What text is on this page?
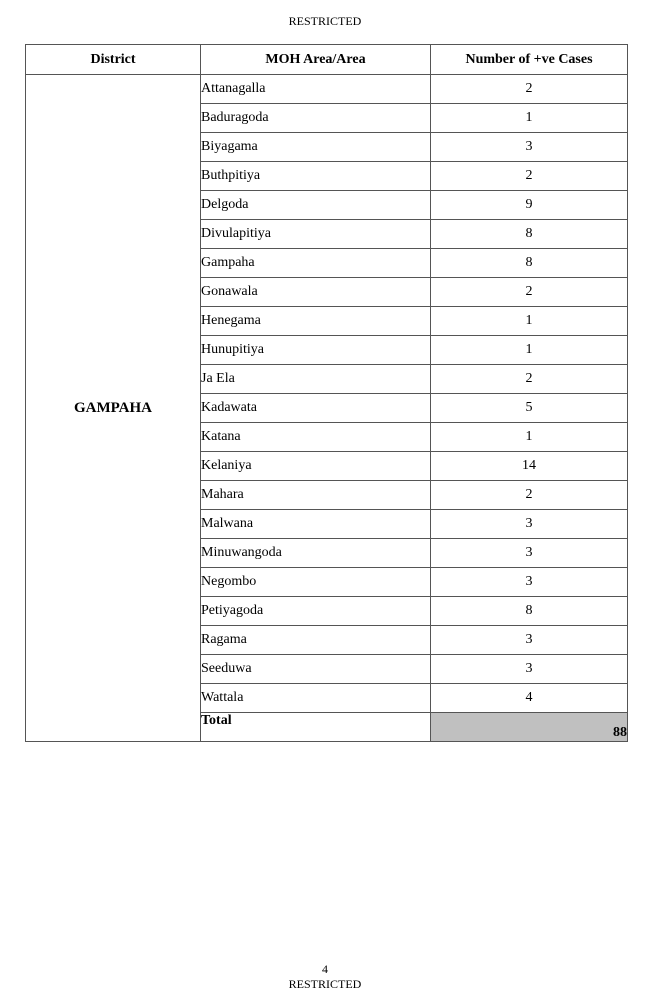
RESTRICTED
District	MOH Area/Area	Number of +ve Cases
GAMPAHA	Attanagalla	2
	Baduragoda	1
	Biyagama	3
	Buthpitiya	2
	Delgoda	9
	Divulapitiya	8
	Gampaha	8
	Gonawala	2
	Henegama	1
	Hunupitiya	1
	Ja Ela	2
	Kadawata	5
	Katana	1
	Kelaniya	14
	Mahara	2
	Malwana	3
	Minuwangoda	3
	Negombo	3
	Petiyagoda	8
	Ragama	3
	Seeduwa	3
	Wattala	4
	Total	88
4
RESTRICTED
